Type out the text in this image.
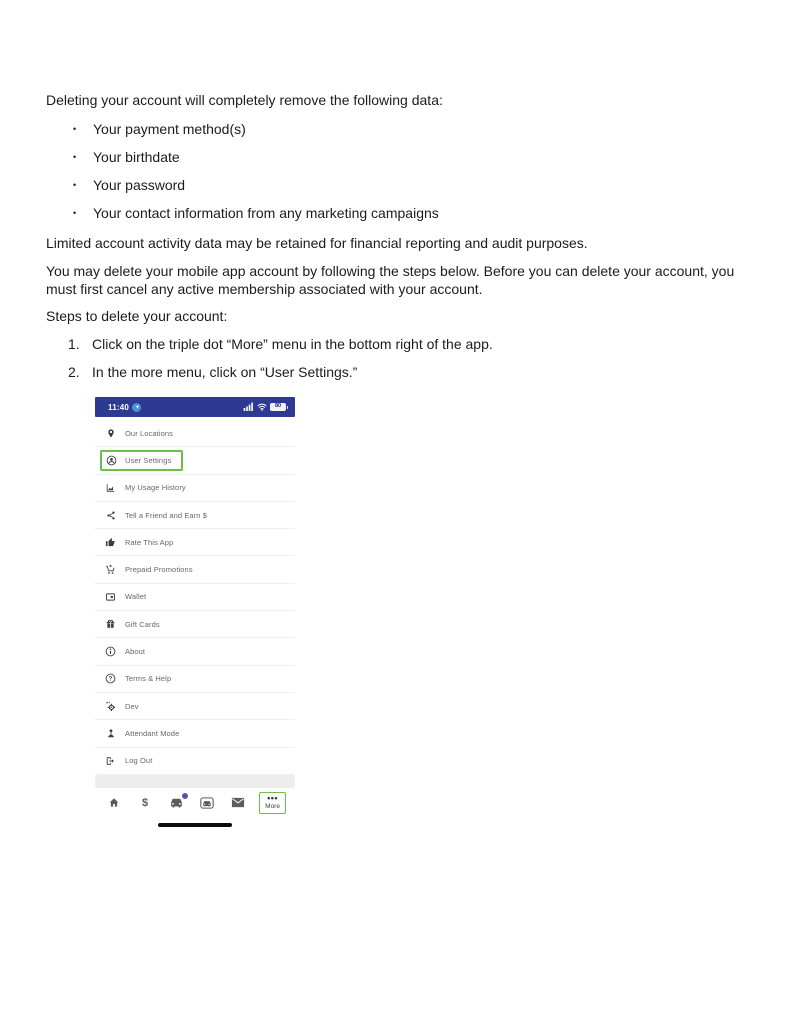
Deleting your account will completely remove the following data:

•	Your payment method(s)
•	Your birthdate
•	Your password
•	Your contact information from any marketing campaigns

Limited account activity data may be retained for financial reporting and audit purposes.

You may delete your mobile app account by following the steps below. Before you can delete your account, you must first cancel any active membership associated with your account.

Steps to delete your account:

1. Click on the triple dot “More” menu in the bottom right of the app.
2. In the more menu, click on “User Settings.”
11:40	80
Our Locations
User Settings
My Usage History
Tell a Friend and Earn $
Rate This App
Prepaid Promotions
Wallet
Gift Cards
About
? Terms & Help
Dev
Attendant Mode
Log Out
$	•••
More
